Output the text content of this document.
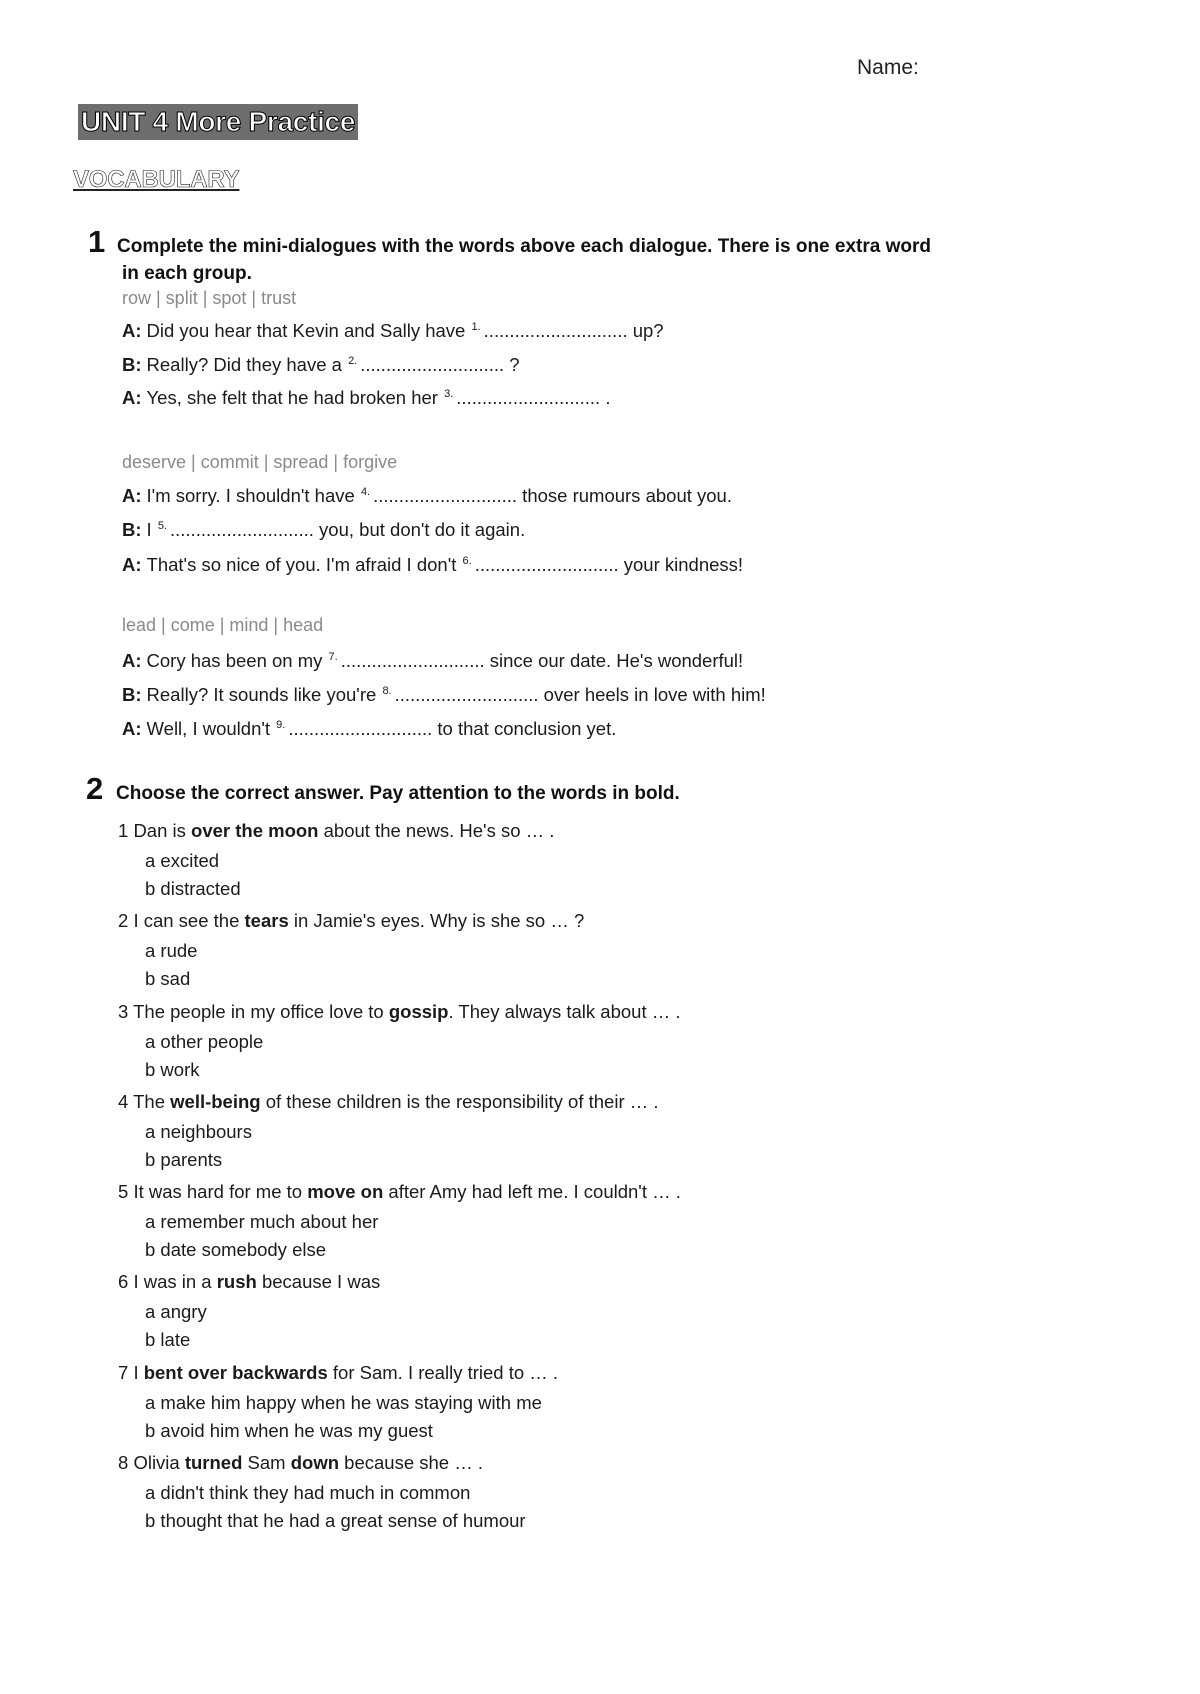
Name:
UNIT 4 More Practice
VOCABULARY
1 Complete the mini-dialogues with the words above each dialogue. There is one extra word
in each group.
row | split | spot | trust
A: Did you hear that Kevin and Sally have $^{1.}$ ............................ up?
B: Really? Did they have a $^{2.}$ ............................ ?
A: Yes, she felt that he had broken her $^{3.}$ ............................ .
deserve | commit | spread | forgive
A: I'm sorry. I shouldn't have $^{4.}$ ............................ those rumours about you.
B: I $^{5.}$ ............................ you, but don't do it again.
A: That's so nice of you. I'm afraid I don't $^{6.}$ ............................ your kindness!
lead | come | mind | head
A: Cory has been on my $^{7.}$ ............................ since our date. He's wonderful!
B: Really? It sounds like you're $^{8.}$ ............................ over heels in love with him!
A: Well, I wouldn't $^{9.}$ ............................ to that conclusion yet.
2 Choose the correct answer. Pay attention to the words in bold.
1 Dan is over the moon about the news. He's so … .
a excited
b distracted
2 I can see the tears in Jamie's eyes. Why is she so … ?
a rude
b sad
3 The people in my office love to gossip. They always talk about … .
a other people
b work
4 The well-being of these children is the responsibility of their … .
a neighbours
b parents
5 It was hard for me to move on after Amy had left me. I couldn't … .
a remember much about her
b date somebody else
6 I was in a rush because I was
a angry
b late
7 I bent over backwards for Sam. I really tried to … .
a make him happy when he was staying with me
b avoid him when he was my guest
8 Olivia turned Sam down because she … .
a didn't think they had much in common
b thought that he had a great sense of humour
